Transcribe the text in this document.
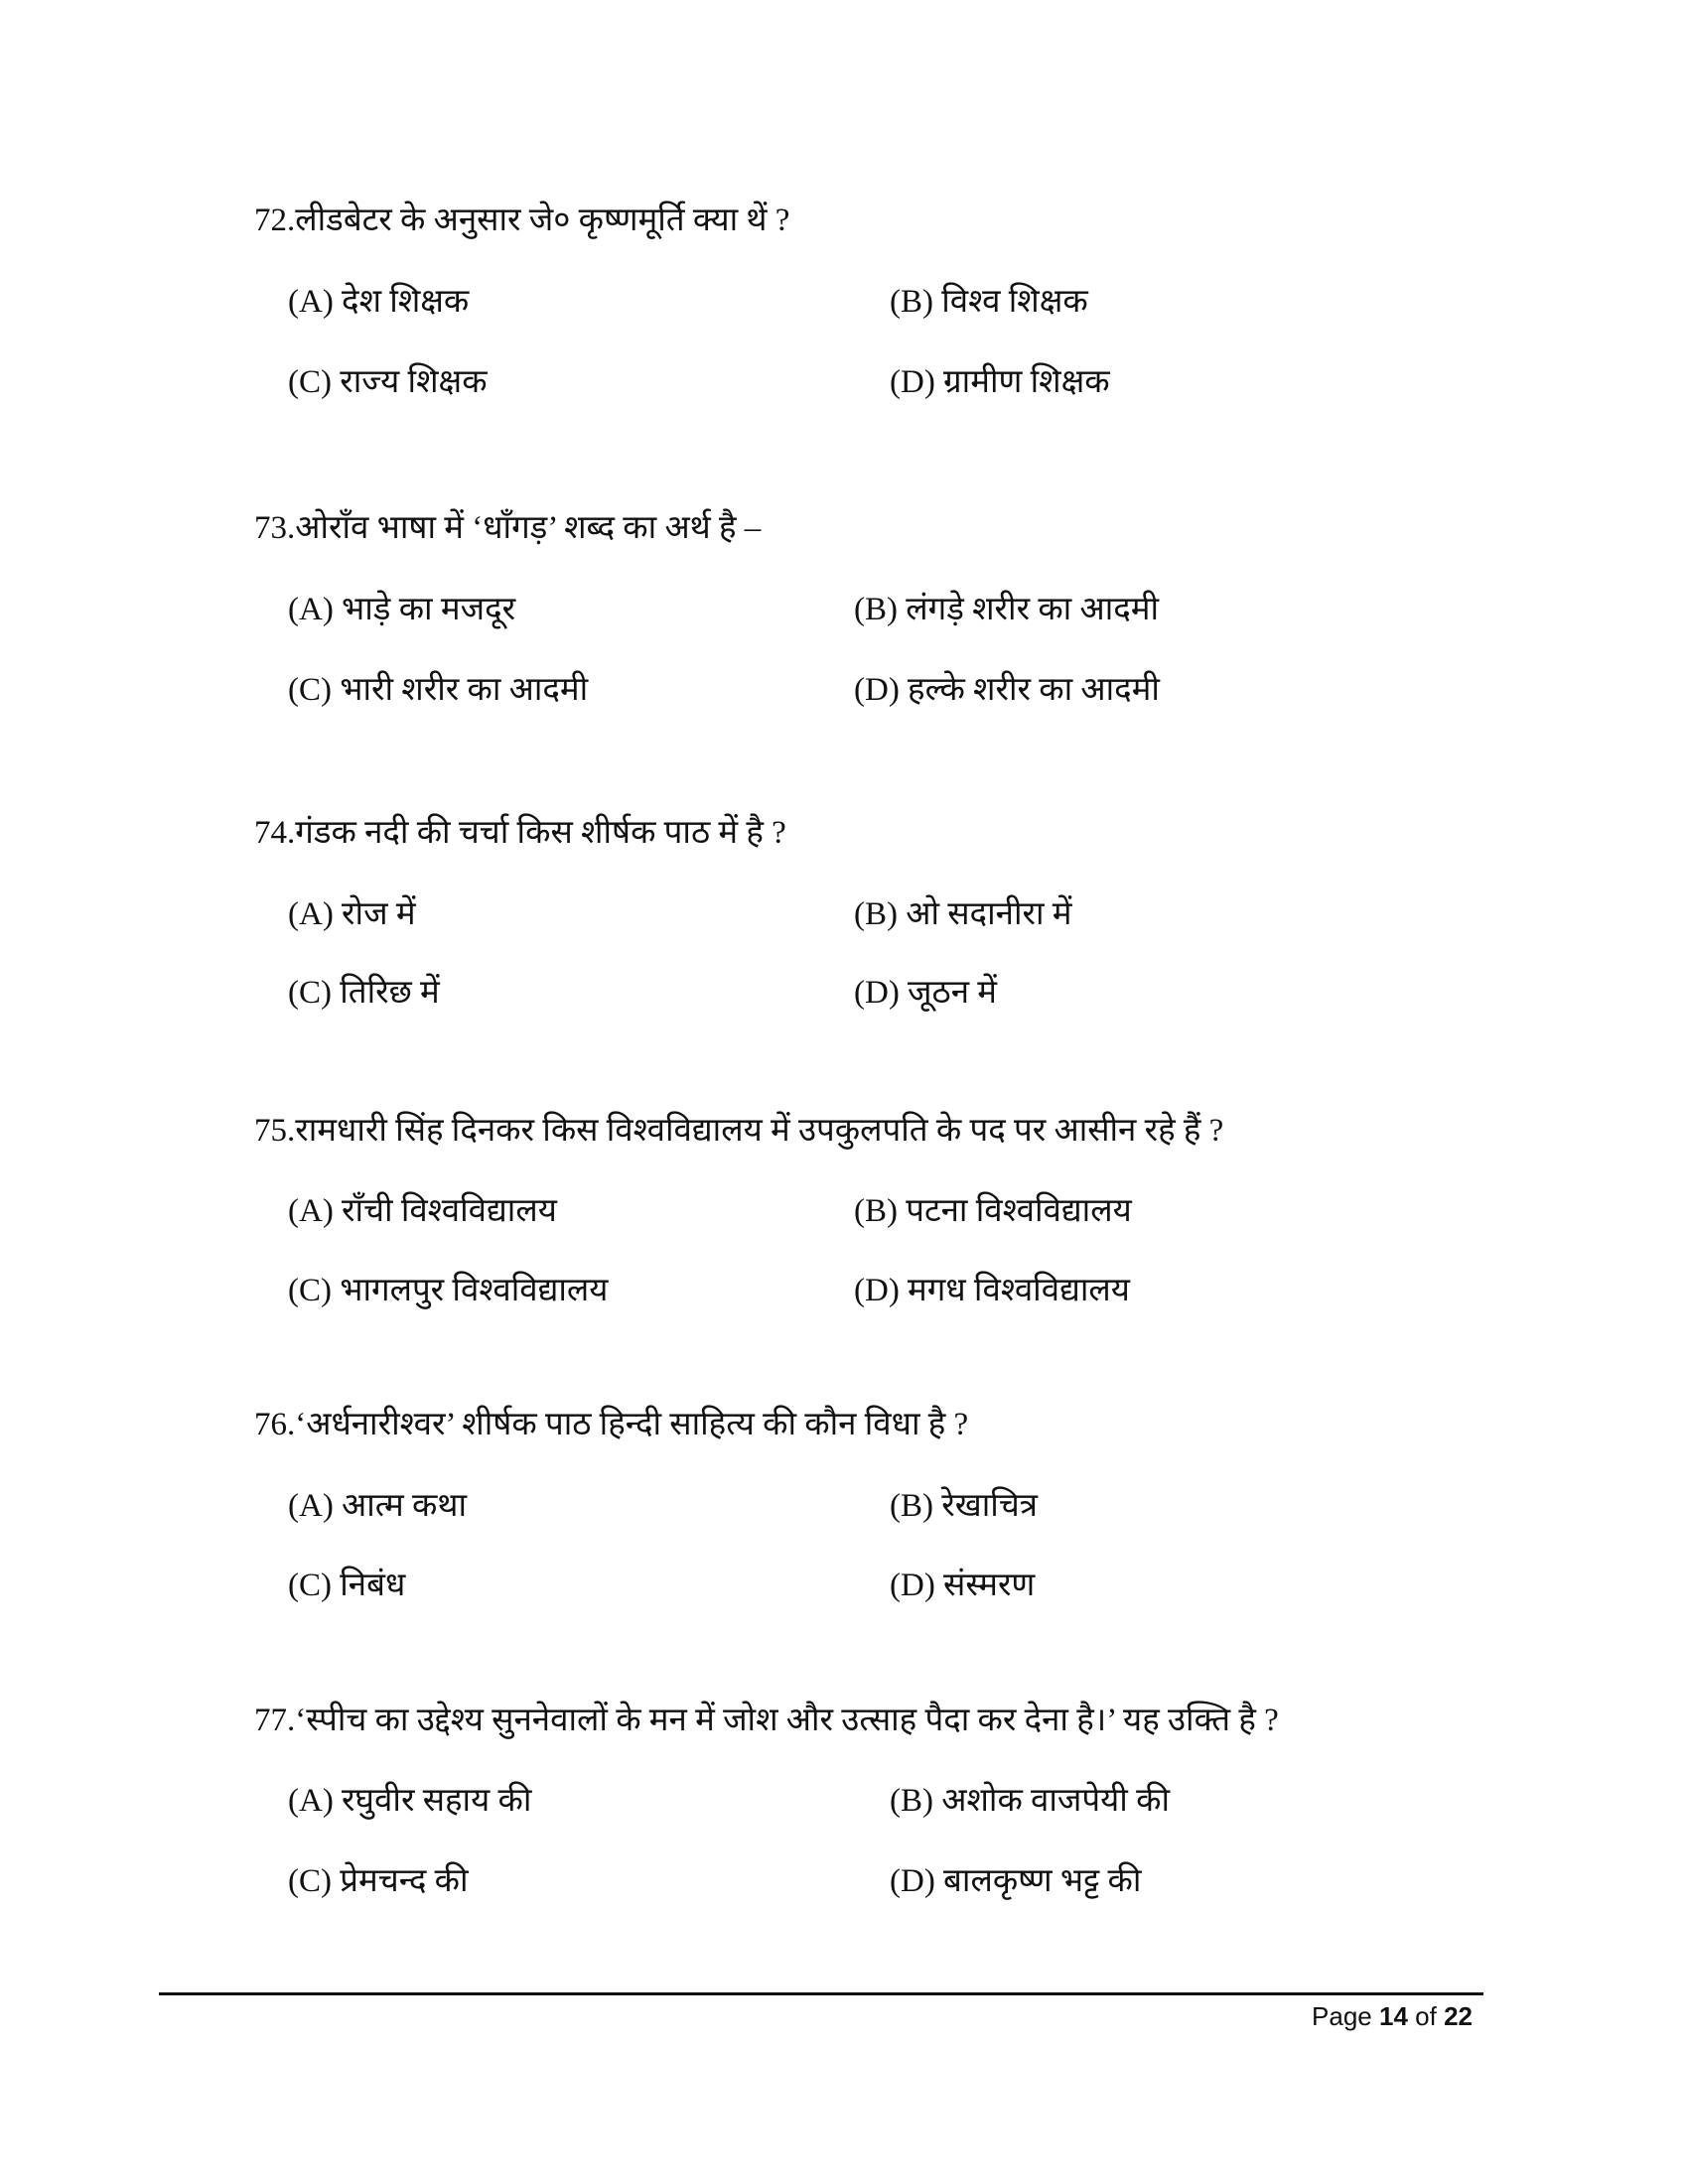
72.लीडबेटर के अनुसार जे० कृष्णमूर्ति क्या थें ?
(A) देश शिक्षक	(B) विश्व शिक्षक
(C) राज्य शिक्षक	(D) ग्रामीण शिक्षक
73.ओरॉंव भाषा में ‘धाँगड़’ शब्द का अर्थ है –
(A) भाड़े का मजदूर	(B) लंगड़े शरीर का आदमी
(C) भारी शरीर का आदमी	(D) हल्के शरीर का आदमी
74.गंडक नदी की चर्चा किस शीर्षक पाठ में है ?
(A) रोज में	(B) ओ सदानीरा में
(C) तिरिछ में	(D) जूठन में
75.रामधारी सिंह दिनकर किस विश्वविद्यालय में उपकुलपति के पद पर आसीन रहे हैं ?
(A) राँची विश्वविद्यालय	(B) पटना विश्वविद्यालय
(C) भागलपुर विश्वविद्यालय	(D) मगध विश्वविद्यालय
76.‘अर्धनारीश्वर’ शीर्षक पाठ हिन्दी साहित्य की कौन विधा है ?
(A) आत्म कथा	(B) रेखाचित्र
(C) निबंध	(D) संस्मरण
77.‘स्पीच का उद्देश्य सुननेवालों के मन में जोश और उत्साह पैदा कर देना है।’ यह उक्ति है ?
(A) रघुवीर सहाय की	(B) अशोक वाजपेयी की
(C) प्रेमचन्द की	(D) बालकृष्ण भट्ट की
Page 14 of 22
